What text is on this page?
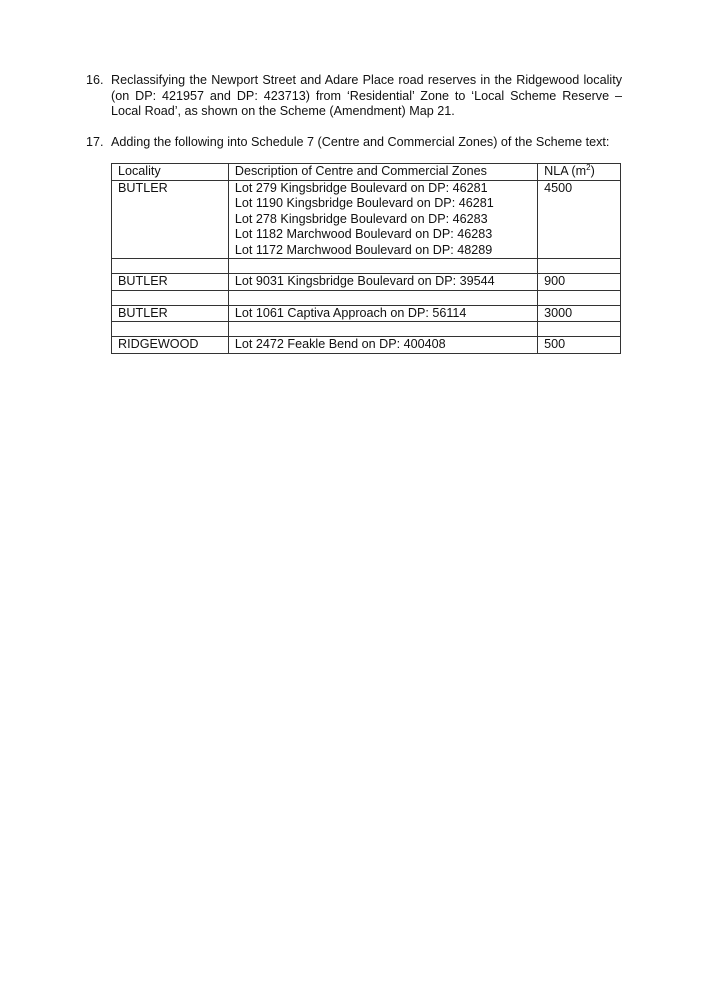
16. Reclassifying the Newport Street and Adare Place road reserves in the Ridgewood locality (on DP: 421957 and DP: 423713) from ‘Residential’ Zone to ‘Local Scheme Reserve – Local Road’, as shown on the Scheme (Amendment) Map 21.
17. Adding the following into Schedule 7 (Centre and Commercial Zones) of the Scheme text:
Locality	Description of Centre and Commercial Zones	NLA $(m^2)$
BUTLER	Lot 279 Kingsbridge Boulevard on DP: 46281
Lot 1190 Kingsbridge Boulevard on DP: 46281
Lot 278 Kingsbridge Boulevard on DP: 46283
Lot 1182 Marchwood Boulevard on DP: 46283
Lot 1172 Marchwood Boulevard on DP: 48289	4500

BUTLER	Lot 9031 Kingsbridge Boulevard on DP: 39544	900

BUTLER	Lot 1061 Captiva Approach on DP: 56114	3000

RIDGEWOOD	Lot 2472 Feakle Bend on DP: 400408	500
